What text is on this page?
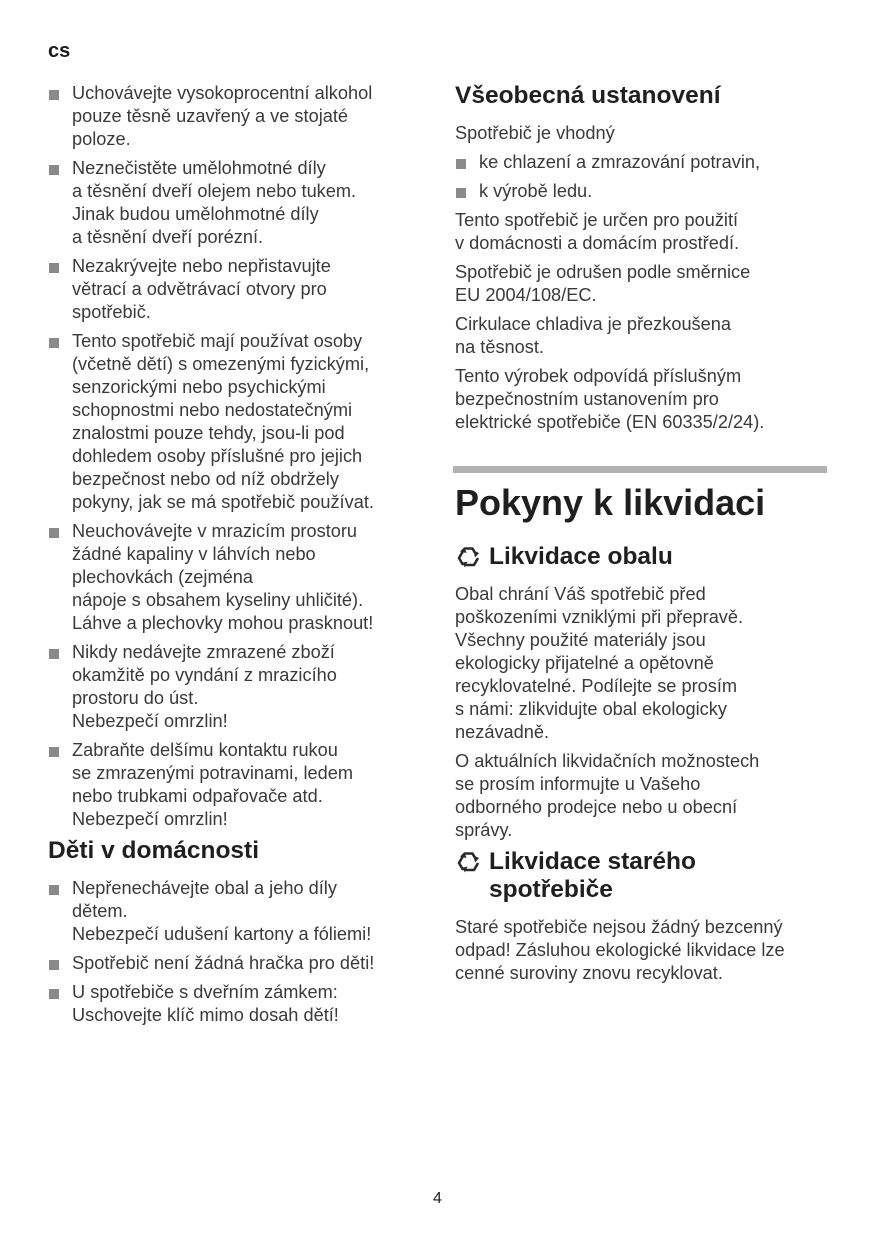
cs
Uchovávejte vysokoprocentní alkohol
pouze těsně uzavřený a ve stojaté
poloze.
Neznečistěte umělohmotné díly
a těsnění dveří olejem nebo tukem.
Jinak budou umělohmotné díly
a těsnění dveří porézní.
Nezakrývejte nebo nepřistavujte
větrací a odvětrávací otvory pro
spotřebič.
Tento spotřebič mají používat osoby
(včetně dětí) s omezenými fyzickými,
senzorickými nebo psychickými
schopnostmi nebo nedostatečnými
znalostmi pouze tehdy, jsou-li pod
dohledem osoby příslušné pro jejich
bezpečnost nebo od níž obdržely
pokyny, jak se má spotřebič používat.
Neuchovávejte v mrazicím prostoru
žádné kapaliny v láhvích nebo
plechovkách (zejména
nápoje s obsahem kyseliny uhličité).
Láhve a plechovky mohou prasknout!
Nikdy nedávejte zmrazené zboží
okamžitě po vyndání z mrazicího
prostoru do úst.
Nebezpečí omrzlin!
Zabraňte delšímu kontaktu rukou
se zmrazenými potravinami, ledem
nebo trubkami odpařovače atd.
Nebezpečí omrzlin!
Děti v domácnosti
Nepřenechávejte obal a jeho díly
dětem.
Nebezpečí udušení kartony a fóliemi!
Spotřebič není žádná hračka pro děti!
U spotřebiče s dveřním zámkem:
Uschovejte klíč mimo dosah dětí!
Všeobecná ustanovení

Spotřebič je vhodný

ke chlazení a zmrazování potravin,
k výrobě ledu.

Tento spotřebič je určen pro použití
v domácnosti a domácím prostředí.

Spotřebič je odrušen podle směrnice
EU 2004/108/EC.

Cirkulace chladiva je přezkoušena
na těsnost.

Tento výrobek odpovídá příslušným
bezpečnostním ustanovením pro
elektrické spotřebiče (EN 60335/2/24).

Pokyny k likvidaci
Likvidace obalu

Obal chrání Váš spotřebič před
poškozeními vzniklými při přepravě.
Všechny použité materiály jsou
ekologicky přijatelné a opětovně
recyklovatelné. Podílejte se prosím
s námi: zlikvidujte obal ekologicky
nezávadně.

O aktuálních likvidačních možnostech
se prosím informujte u Vašeho
odborného prodejce nebo u obecní
správy.

Likvidace starého
spotřebiče

Staré spotřebiče nejsou žádný bezcenný
odpad! Zásluhou ekologické likvidace lze
cenné suroviny znovu recyklovat.

4
